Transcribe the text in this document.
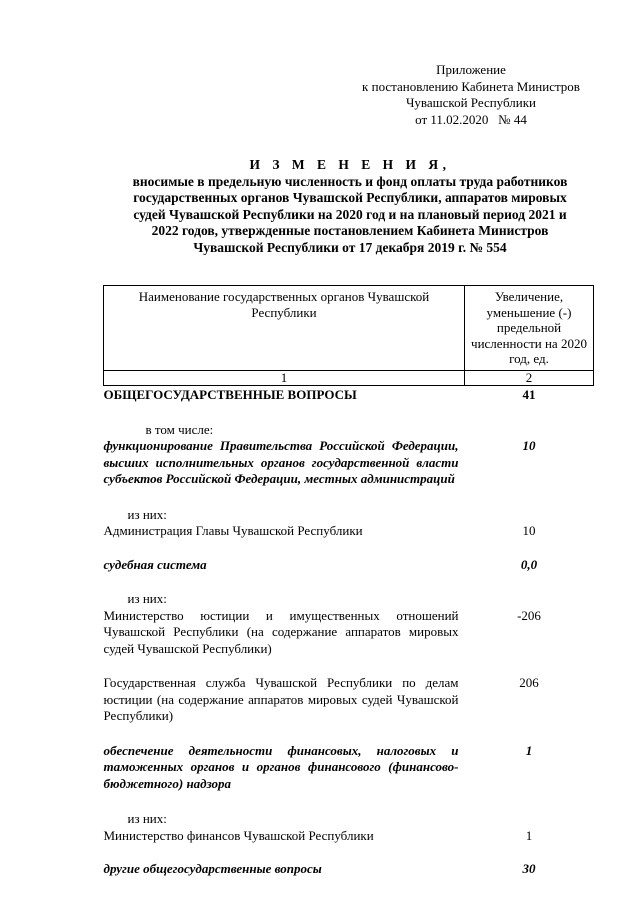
Приложение
к постановлению Кабинета Министров
Чувашской Республики
от 11.02.2020   № 44
И З М Е Н Е Н И Я,
вносимые в предельную численность и фонд оплаты труда работников
государственных органов Чувашской Республики, аппаратов мировых
судей Чувашской Республики на 2020 год и на плановый период 2021 и
2022 годов, утвержденные постановлением Кабинета Министров
Чувашской Республики от 17 декабря 2019 г. № 554
Наименование государственных органов Чувашской Республики	Увеличение, уменьшение (-) предельной численности на 2020 год, ед.
1	2
ОБЩЕГОСУДАРСТВЕННЫЕ ВОПРОСЫ	41
в том числе:	
функционирование Правительства Российской Федерации, высших исполнительных органов государственной власти субъектов Российской Федерации, местных администраций	10
из них:	
Администрация Главы Чувашской Республики	10
судебная система	0,0
из них:	
Министерство юстиции и имущественных отношений Чувашской Республики (на содержание аппаратов мировых судей Чувашской Республики)	-206
Государственная служба Чувашской Республики по делам юстиции (на содержание аппаратов мировых судей Чувашской Республики)	206
обеспечение деятельности финансовых, налоговых и таможенных органов и органов финансового (финансово-бюджетного) надзора	1
из них:	
Министерство финансов Чувашской Республики	1
другие общегосударственные вопросы	30
